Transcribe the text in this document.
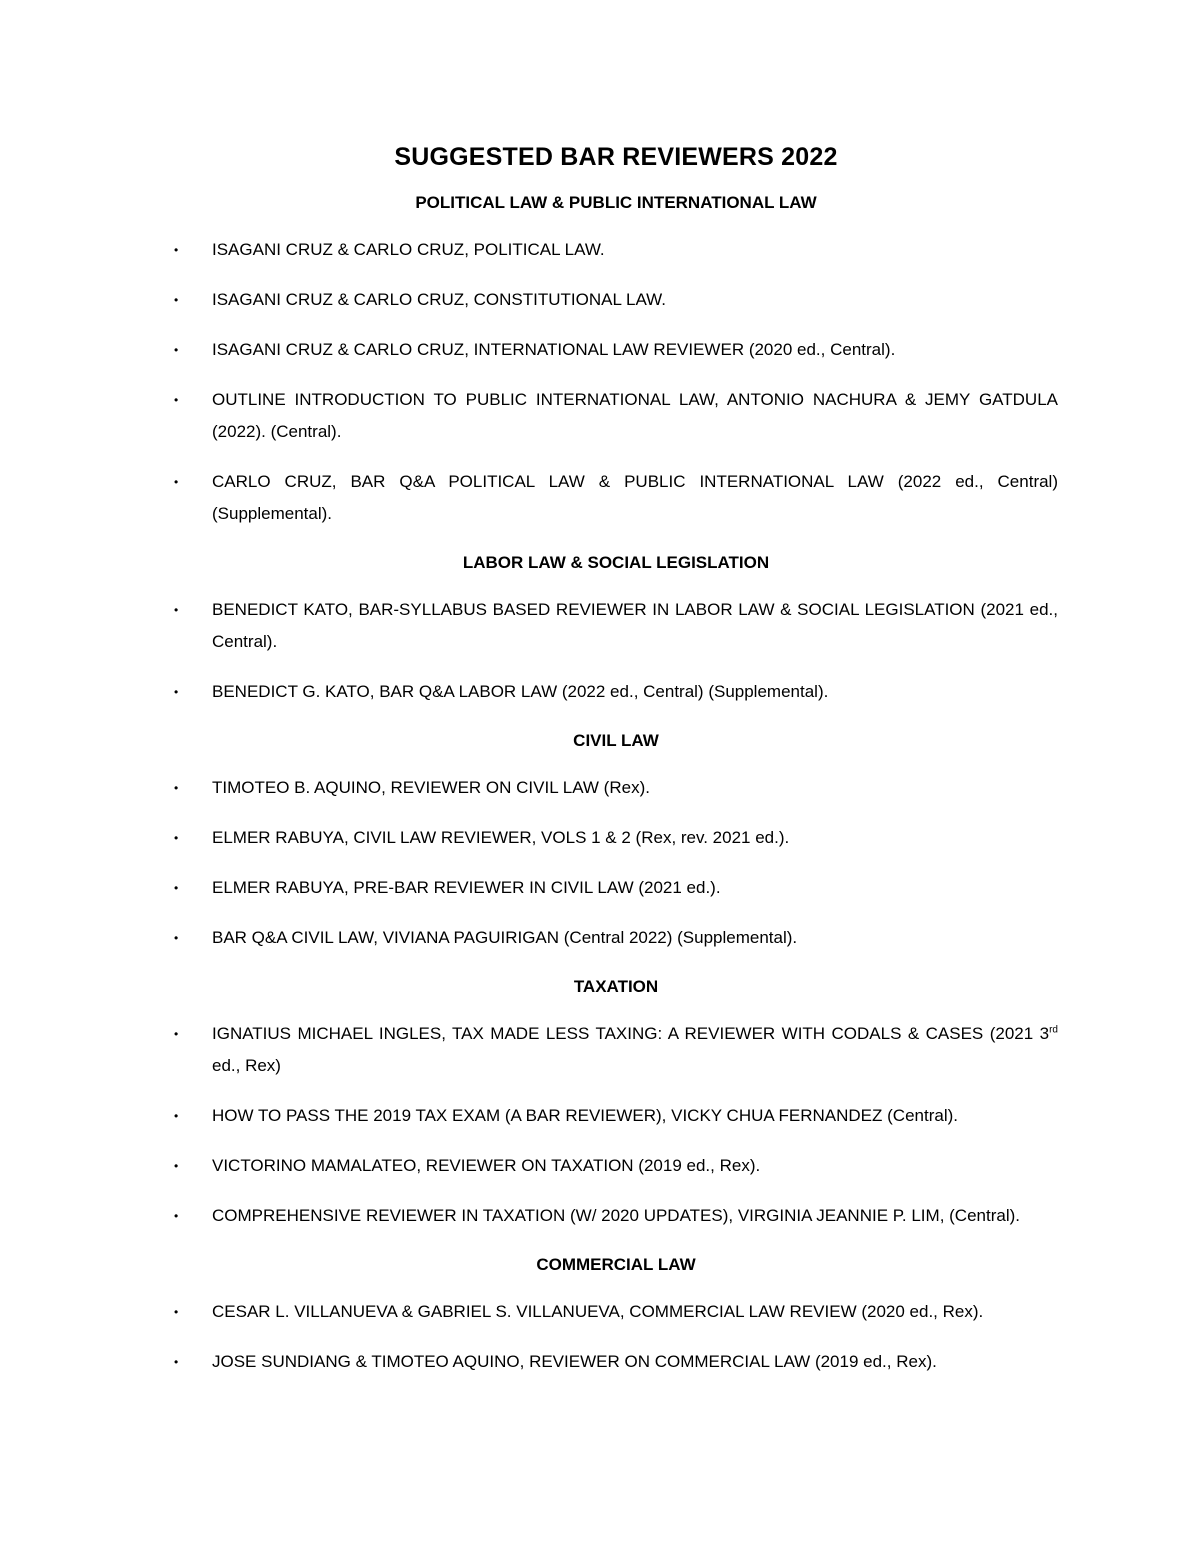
SUGGESTED BAR REVIEWERS 2022
POLITICAL LAW & PUBLIC INTERNATIONAL LAW
•	ISAGANI CRUZ & CARLO CRUZ, POLITICAL LAW.
•	ISAGANI CRUZ & CARLO CRUZ, CONSTITUTIONAL LAW.
•	ISAGANI CRUZ & CARLO CRUZ, INTERNATIONAL LAW REVIEWER (2020 ed., Central).
•	OUTLINE INTRODUCTION TO PUBLIC INTERNATIONAL LAW, ANTONIO NACHURA & JEMY GATDULA (2022). (Central).
•	CARLO CRUZ, BAR Q&A POLITICAL LAW & PUBLIC INTERNATIONAL LAW (2022 ed., Central) (Supplemental).
LABOR LAW & SOCIAL LEGISLATION
•	BENEDICT KATO, BAR-SYLLABUS BASED REVIEWER IN LABOR LAW & SOCIAL LEGISLATION (2021 ed., Central).
•	BENEDICT G. KATO, BAR Q&A LABOR LAW (2022 ed., Central) (Supplemental).
CIVIL LAW
•	TIMOTEO B. AQUINO, REVIEWER ON CIVIL LAW (Rex).
•	ELMER RABUYA, CIVIL LAW REVIEWER, VOLS 1 & 2 (Rex, rev. 2021 ed.).
•	ELMER RABUYA, PRE-BAR REVIEWER IN CIVIL LAW (2021 ed.).
•	BAR Q&A CIVIL LAW, VIVIANA PAGUIRIGAN (Central 2022) (Supplemental).
TAXATION
•	IGNATIUS MICHAEL INGLES, TAX MADE LESS TAXING: A REVIEWER WITH CODALS & CASES (2021 3rd ed., Rex)
•	HOW TO PASS THE 2019 TAX EXAM (A BAR REVIEWER), VICKY CHUA FERNANDEZ (Central).
•	VICTORINO MAMALATEO, REVIEWER ON TAXATION (2019 ed., Rex).
•	COMPREHENSIVE REVIEWER IN TAXATION (W/ 2020 UPDATES), VIRGINIA JEANNIE P. LIM, (Central).
COMMERCIAL LAW
•	CESAR L. VILLANUEVA & GABRIEL S. VILLANUEVA, COMMERCIAL LAW REVIEW (2020 ed., Rex).
•	JOSE SUNDIANG & TIMOTEO AQUINO, REVIEWER ON COMMERCIAL LAW (2019 ed., Rex).
